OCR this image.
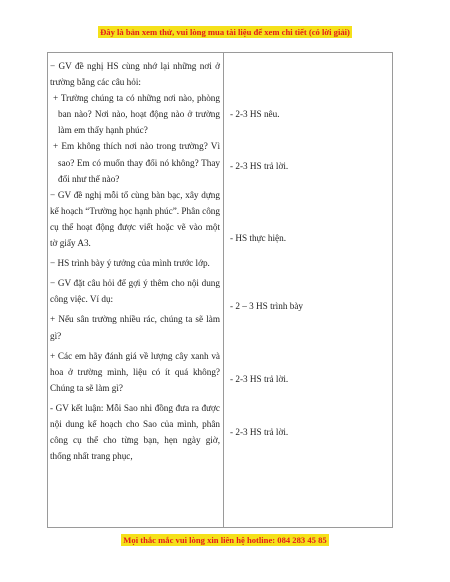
Đây là bản xem thử, vui lòng mua tài liệu để xem chi tiết (có lời giải)

− GV đề nghị HS cùng nhớ lại những nơi ở trường bằng các câu hỏi:

+ Trường chúng ta có những nơi nào, phòng ban nào? Nơi nào, hoạt động nào ở trường làm em thấy hạnh phúc?

+ Em không thích nơi nào trong trường? Vì sao? Em có muốn thay đổi nó không? Thay đổi như thế nào?

− GV đề nghị mỗi tổ cùng bàn bạc, xây dựng kế hoạch “Trường học hạnh phúc”. Phân công cụ thể hoạt động được viết hoặc vẽ vào một tờ giấy A3.

− HS trình bày ý tưởng của mình trước lớp.

− GV đặt câu hỏi để gợi ý thêm cho nội dung công việc. Ví dụ:

+ Nếu sân trường nhiều rác, chúng ta sẽ làm gì?

+ Các em hãy đánh giá về lượng cây xanh và hoa ở trường mình, liệu có ít quá không? Chúng ta sẽ làm gì?

- GV kết luận: Mỗi Sao nhi đồng đưa ra được nội dung kế hoạch cho Sao của mình, phân công cụ thể cho từng bạn, hẹn ngày giờ, thống nhất trang phục,

- 2-3 HS nêu.
- 2-3 HS trả lời.
- HS thực hiện.
- 2 – 3 HS trình bày
- 2-3 HS trả lời.
- 2-3 HS trả lời.
Mọi thắc mắc vui lòng xin liên hệ hotline: 084 283 45 85
